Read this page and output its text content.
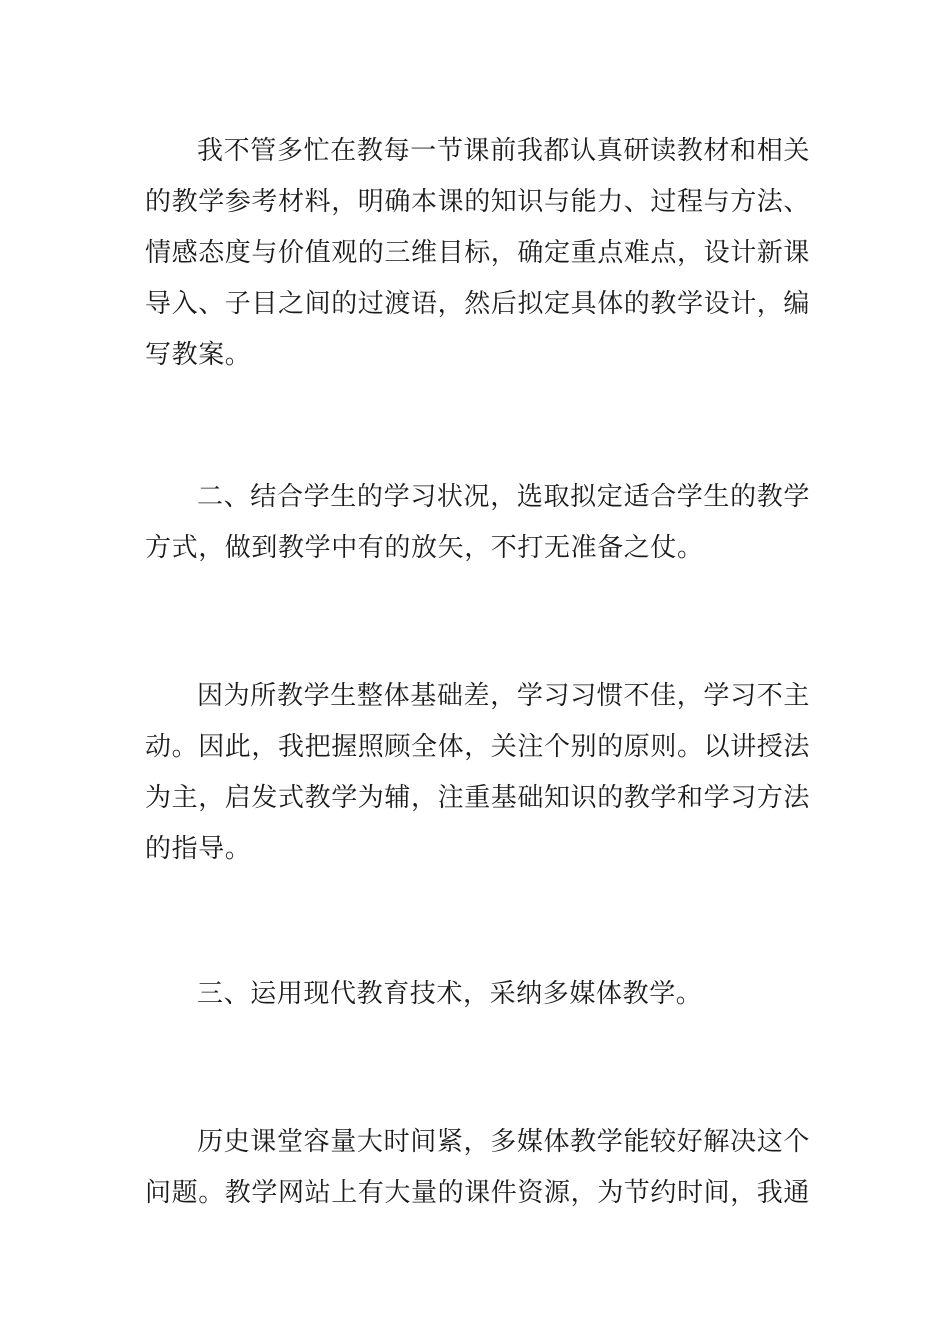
我不管多忙在教每一节课前我都认真研读教材和相关的教学参考材料，明确本课的知识与能力、过程与方法、情感态度与价值观的三维目标，确定重点难点，设计新课导入、子目之间的过渡语，然后拟定具体的教学设计，编写教案。

二、结合学生的学习状况，选取拟定适合学生的教学方式，做到教学中有的放矢，不打无准备之仗。

因为所教学生整体基础差，学习习惯不佳，学习不主动。因此，我把握照顾全体，关注个别的原则。以讲授法为主，启发式教学为辅，注重基础知识的教学和学习方法的指导。

三、运用现代教育技术，采纳多媒体教学。

历史课堂容量大时间紧，多媒体教学能较好解决这个问题。教学网站上有大量的课件资源，为节约时间，我通
